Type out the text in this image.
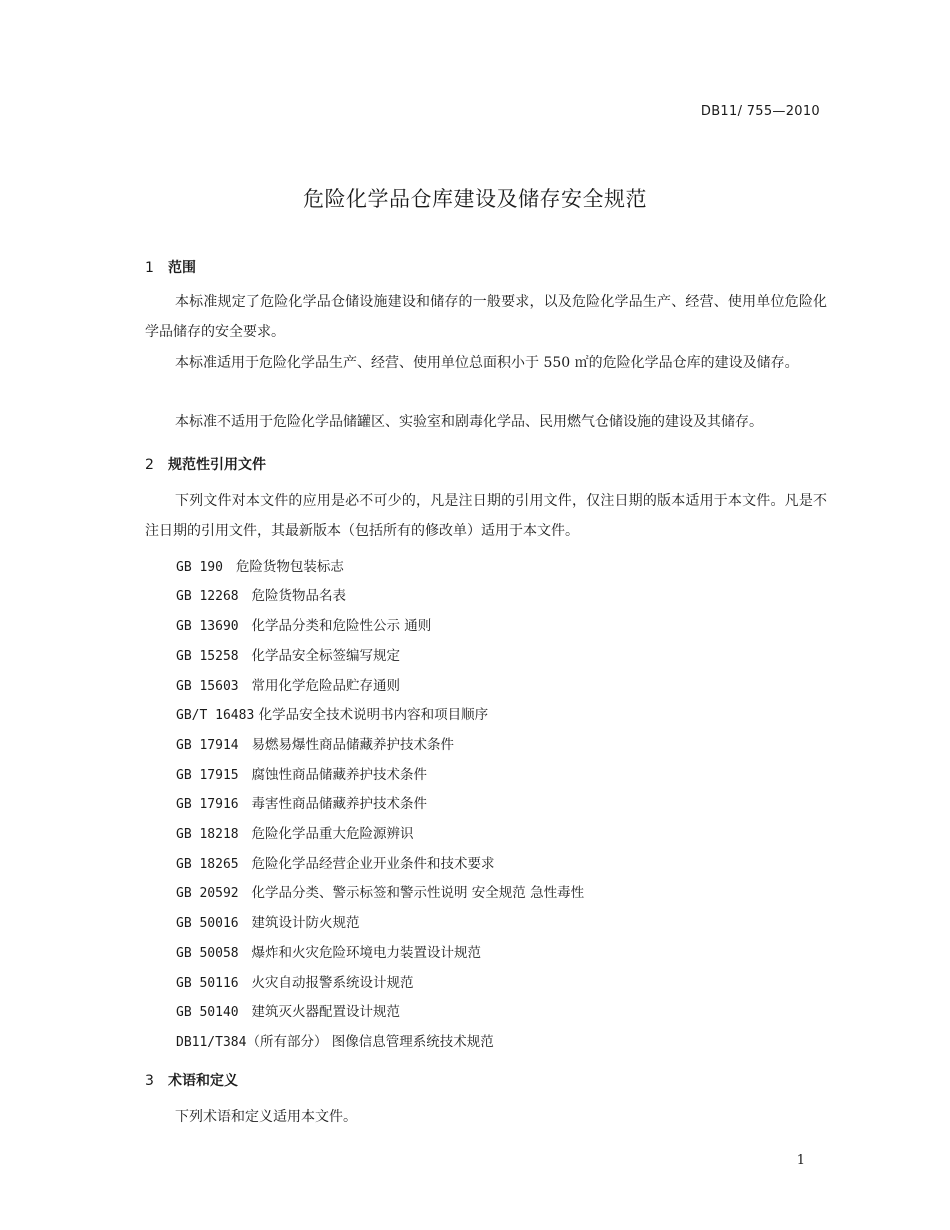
DB11/ 755—2010
危险化学品仓库建设及储存安全规范
1 范围

本标准规定了危险化学品仓储设施建设和储存的一般要求，以及危险化学品生产、经营、使用单位危险化学品储存的安全要求。

本标准适用于危险化学品生产、经营、使用单位总面积小于 550 ㎡的危险化学品仓库的建设及储存。

本标准不适用于危险化学品储罐区、实验室和剧毒化学品、民用燃气仓储设施的建设及其储存。

2 规范性引用文件

下列文件对本文件的应用是必不可少的，凡是注日期的引用文件，仅注日期的版本适用于本文件。凡是不注日期的引用文件，其最新版本（包括所有的修改单）适用于本文件。

GB 190 危险货物包装标志
GB 12268 危险货物品名表
GB 13690 化学品分类和危险性公示 通则
GB 15258 化学品安全标签编写规定
GB 15603 常用化学危险品贮存通则
GB/T 16483 化学品安全技术说明书内容和项目顺序
GB 17914 易燃易爆性商品储藏养护技术条件
GB 17915 腐蚀性商品储藏养护技术条件
GB 17916 毒害性商品储藏养护技术条件
GB 18218 危险化学品重大危险源辨识
GB 18265 危险化学品经营企业开业条件和技术要求
GB 20592 化学品分类、警示标签和警示性说明 安全规范 急性毒性
GB 50016 建筑设计防火规范
GB 50058 爆炸和火灾危险环境电力装置设计规范
GB 50116 火灾自动报警系统设计规范
GB 50140 建筑灭火器配置设计规范
DB11/T384（所有部分） 图像信息管理系统技术规范
3 术语和定义

下列术语和定义适用本文件。

1
